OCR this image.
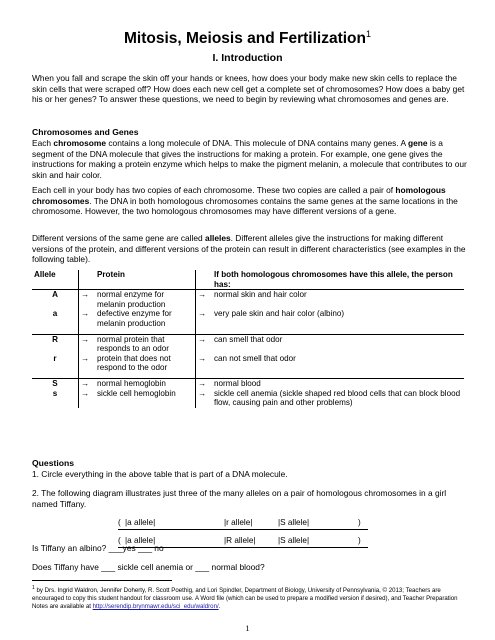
Mitosis, Meiosis and Fertilization$^1$
I. Introduction

When you fall and scrape the skin off your hands or knees, how does your body make new skin cells to replace the skin cells that were scraped off? How does each new cell get a complete set of chromosomes? How does a baby get his or her genes? To answer these questions, we need to begin by reviewing what chromosomes and genes are.

Chromosomes and Genes

Each chromosome contains a long molecule of DNA. This molecule of DNA contains many genes. A gene is a segment of the DNA molecule that gives the instructions for making a protein. For example, one gene gives the instructions for making a protein enzyme which helps to make the pigment melanin, a molecule that contributes to our skin and hair color.

Each cell in your body has two copies of each chromosome. These two copies are called a pair of homologous chromosomes. The DNA in both homologous chromosomes contains the same genes at the same locations in the chromosome. However, the two homologous chromosomes may have different versions of a gene.

Different versions of the same gene are called alleles. Different alleles give the instructions for making different versions of the protein, and different versions of the protein can result in different characteristics (see examples in the following table).

Allele		Protein		If both homologous chromosomes have this allele, the person has:
A	→	normal enzyme for melanin production	→	normal skin and hair color
a	→	defective enzyme for melanin production	→	very pale skin and hair color (albino)

R	→	normal protein that responds to an odor	→	can smell that odor
r	→	protein that does not respond to the odor	→	can not smell that odor

S	→	normal hemoglobin	→	normal blood
s	→	sickle cell hemoglobin	→	sickle cell anemia (sickle shaped red blood cells that can block blood flow, causing pain and other problems)
Questions

1. Circle everything in the above table that is part of a DNA molecule.

2. The following diagram illustrates just three of the many alleles on a pair of homologous chromosomes in a girl named Tiffany.

( |a allele|	|r allele|	|S allele|	)
( |a allele|	|R allele|	|S allele|	)

Is Tiffany an albino? ___yes ___ no

Does Tiffany have ___ sickle cell anemia or ___ normal blood?

$^1$ by Drs. Ingrid Waldron, Jennifer Doherty, R. Scott Poethig, and Lori Spindler, Department of Biology, University of Pennsylvania, © 2013; Teachers are encouraged to copy this student handout for classroom use. A Word file (which can be used to prepare a modified version if desired), and Teacher Preparation Notes are available at http://serendip.brynmawr.edu/sci_edu/waldron/.
1
